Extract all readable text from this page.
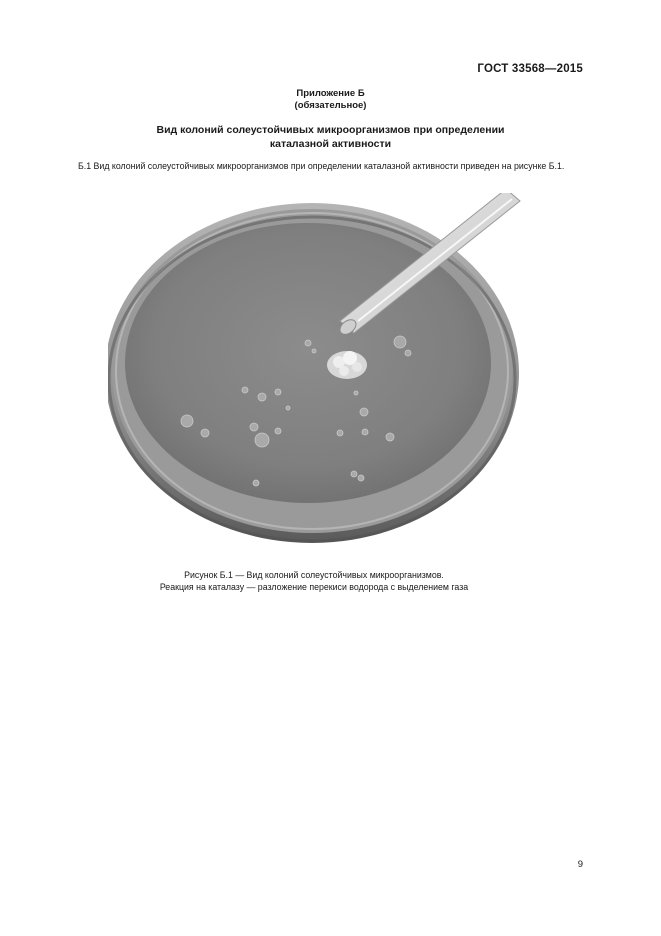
ГОСТ 33568—2015
Приложение Б
(обязательное)
Вид колоний солеустойчивых микроорганизмов при определении
каталазной активности
Б.1 Вид колоний солеустойчивых микроорганизмов при определении каталазной активности приведен на рисунке Б.1.
Рисунок Б.1 — Вид колоний солеустойчивых микроорганизмов.
Реакция на каталазу — разложение перекиси водорода с выделением газа
9
